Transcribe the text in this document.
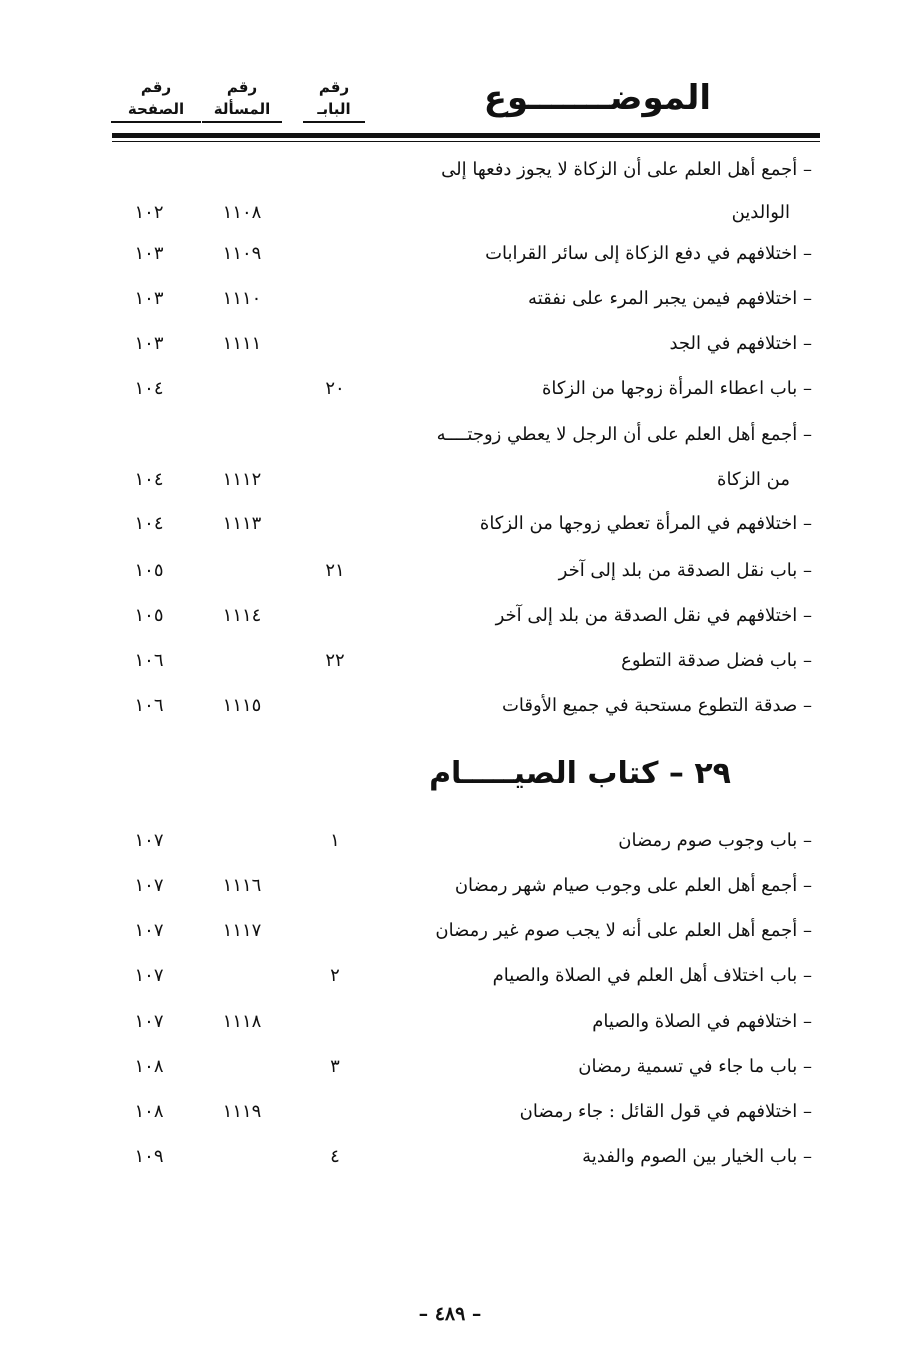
الموضـــــــوع
رقم
البابـ
رقم
المسألة
رقم
الصفحة
– أجمع أهل العلم على أن الزكاة لا يجوز دفعها إلى
الوالدين
١١٠٨
١٠٢
– اختلافهم في دفع الزكاة إلى سائر القرابات
١١٠٩
١٠٣
– اختلافهم فيمن يجبر المرء على نفقته
١١١٠
١٠٣
– اختلافهم في الجد
١١١١
١٠٣
– باب اعطاء المرأة زوجها من الزكاة
٢٠
١٠٤
– أجمع أهل العلم على أن الرجل لا يعطي زوجتــــه
من الزكاة
١١١٢
١٠٤
– اختلافهم في المرأة تعطي زوجها من الزكاة
١١١٣
١٠٤
– باب نقل الصدقة من بلد إلى آخر
٢١
١٠٥
– اختلافهم في نقل الصدقة من بلد إلى آخر
١١١٤
١٠٥
– باب فضل صدقة التطوع
٢٢
١٠٦
– صدقة التطوع مستحبة في جميع الأوقات
١١١٥
١٠٦
٢٩ – كتاب الصيـــــام
– باب وجوب صوم رمضان
١
١٠٧
– أجمع أهل العلم على وجوب صيام شهر رمضان
١١١٦
١٠٧
– أجمع أهل العلم على أنه لا يجب صوم غير رمضان
١١١٧
١٠٧
– باب اختلاف أهل العلم في الصلاة والصيام
٢
١٠٧
– اختلافهم في الصلاة والصيام
١١١٨
١٠٧
– باب ما جاء في تسمية رمضان
٣
١٠٨
– اختلافهم في قول القائل : جاء رمضان
١١١٩
١٠٨
– باب الخيار بين الصوم والفدية
٤
١٠٩
– ٤٨٩ –
